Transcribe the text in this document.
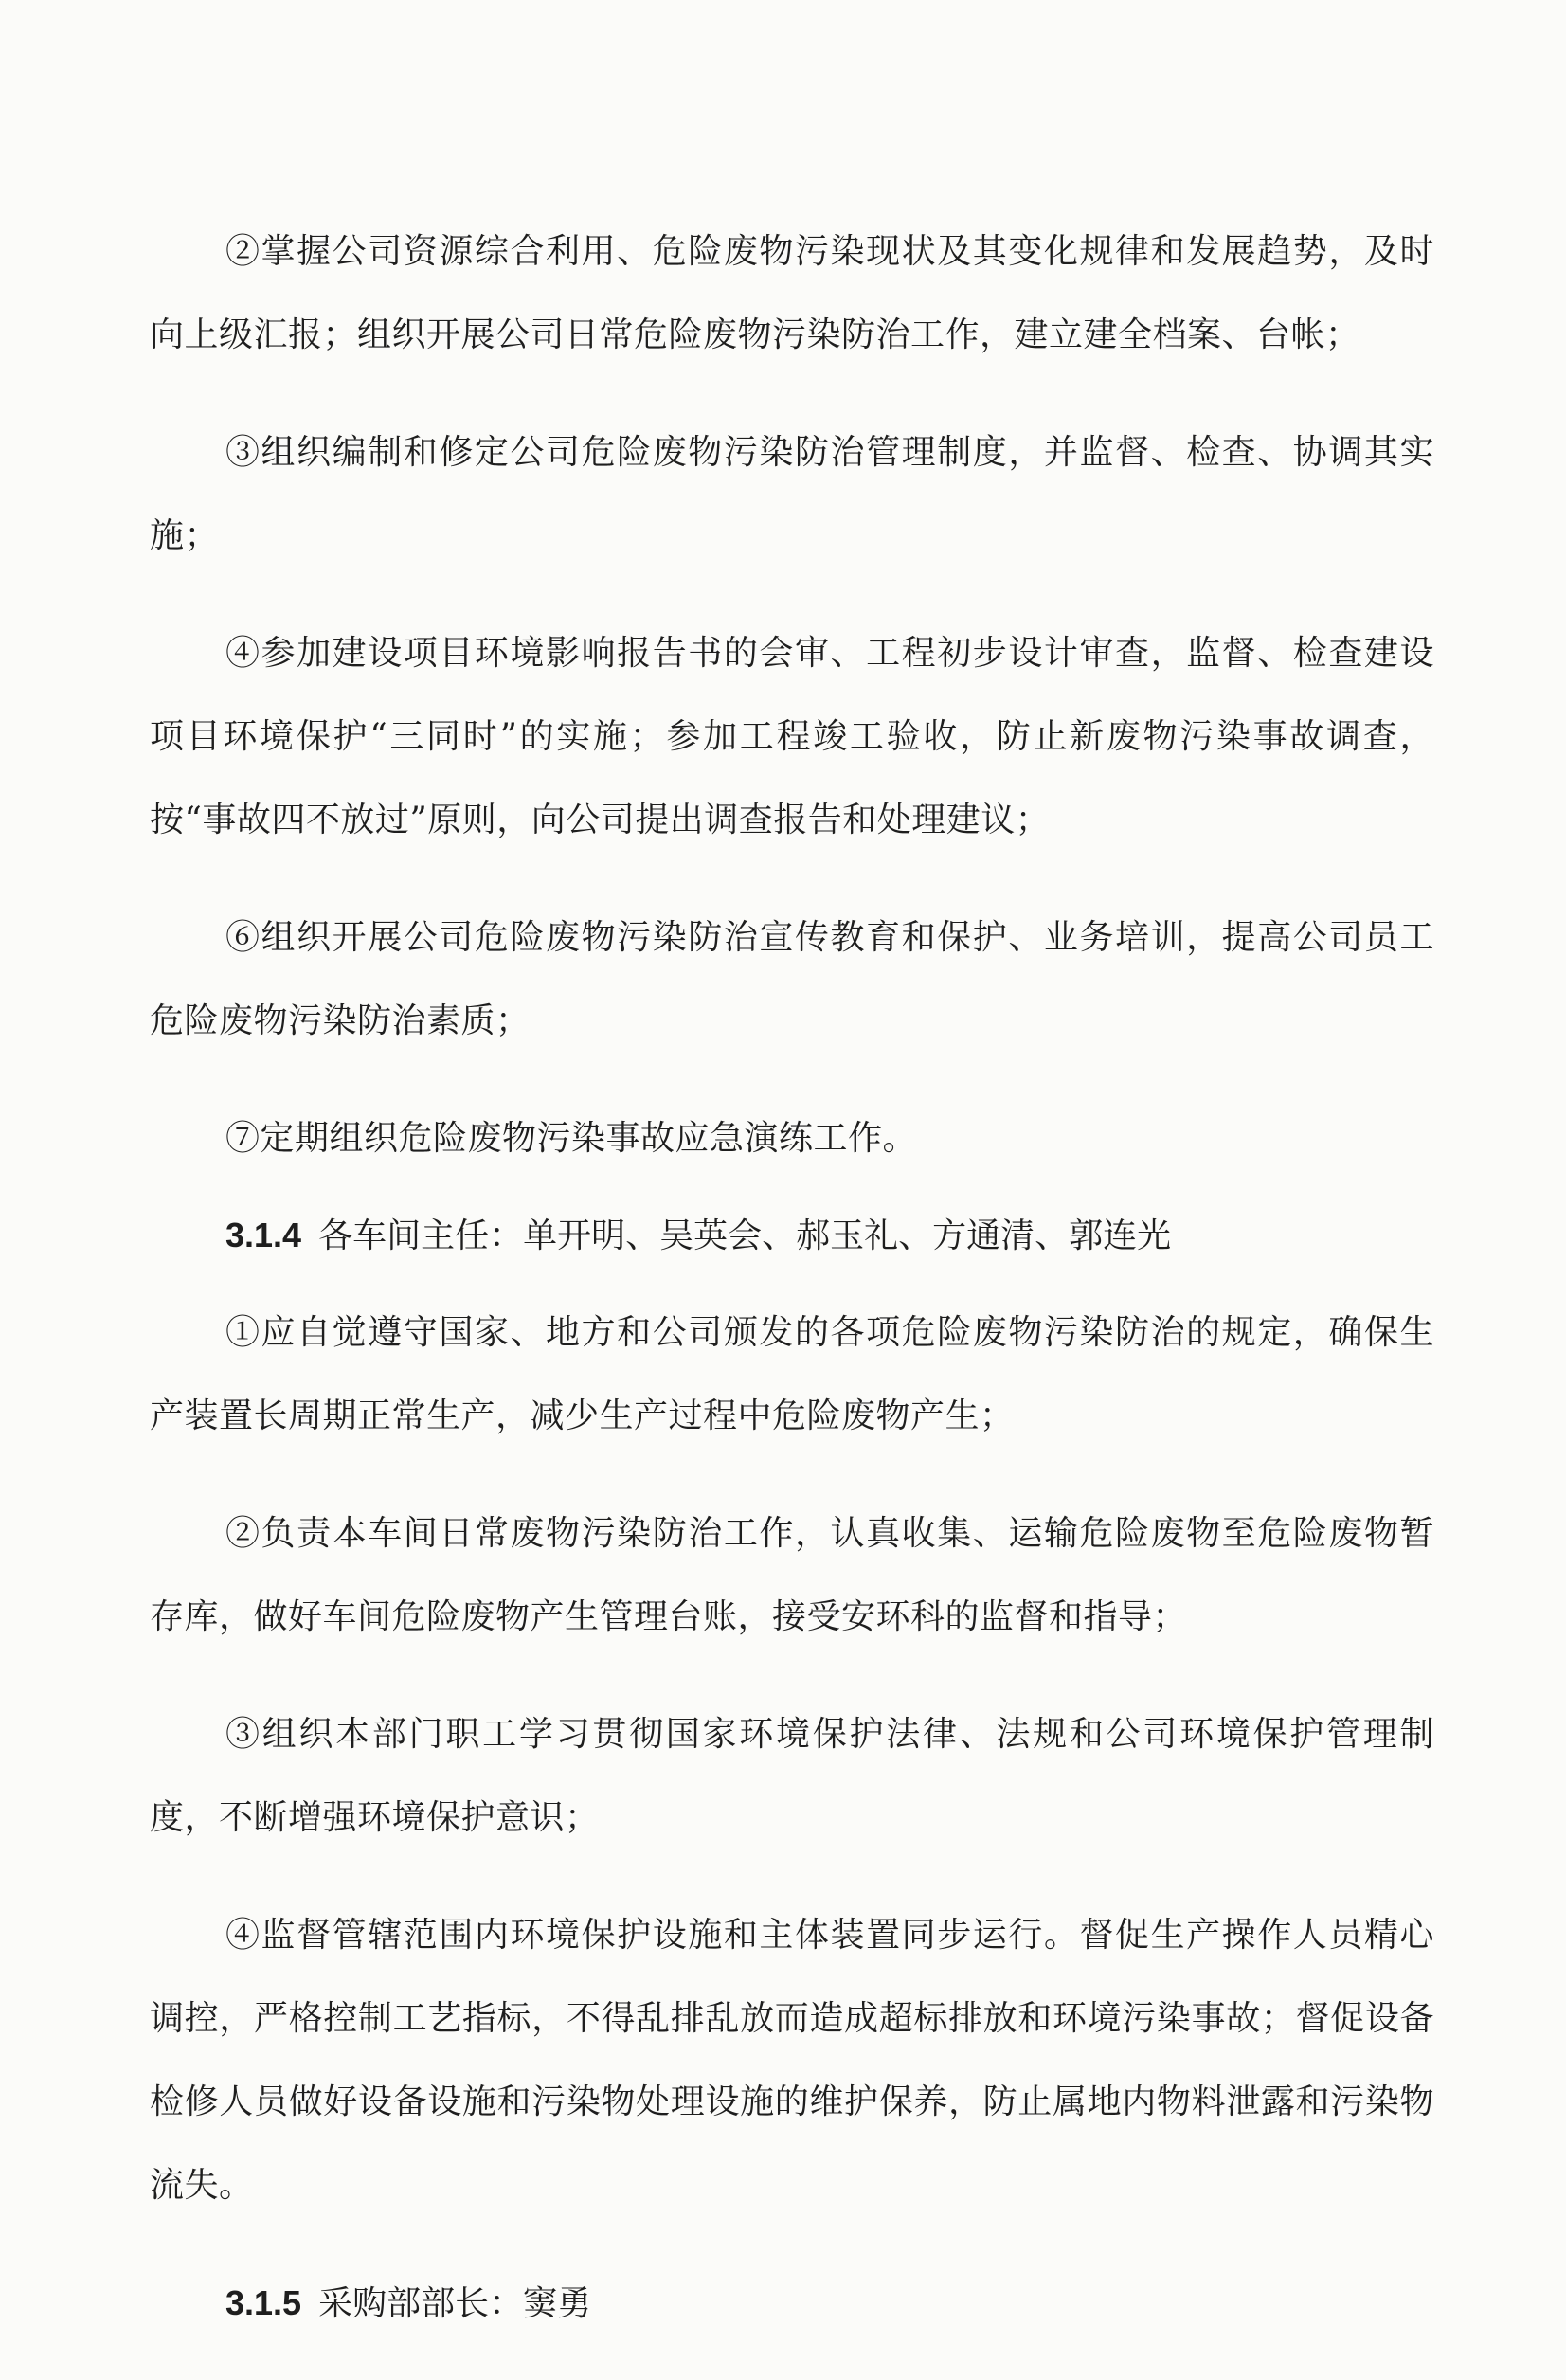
②掌握公司资源综合利用、危险废物污染现状及其变化规律和发展趋势，及时向上级汇报；组织开展公司日常危险废物污染防治工作，建立建全档案、台帐；

③组织编制和修定公司危险废物污染防治管理制度，并监督、检查、协调其实施；

④参加建设项目环境影响报告书的会审、工程初步设计审查，监督、检查建设项目环境保护“三同时”的实施；参加工程竣工验收，防止新废物污染事故调查，按“事故四不放过”原则，向公司提出调查报告和处理建议；

⑥组织开展公司危险废物污染防治宣传教育和保护、业务培训，提高公司员工危险废物污染防治素质；

⑦定期组织危险废物污染事故应急演练工作。

3.1.4 各车间主任：单开明、吴英会、郝玉礼、方通清、郭连光

①应自觉遵守国家、地方和公司颁发的各项危险废物污染防治的规定，确保生产装置长周期正常生产，减少生产过程中危险废物产生；

②负责本车间日常废物污染防治工作，认真收集、运输危险废物至危险废物暂存库，做好车间危险废物产生管理台账，接受安环科的监督和指导；

③组织本部门职工学习贯彻国家环境保护法律、法规和公司环境保护管理制度，不断增强环境保护意识；

④监督管辖范围内环境保护设施和主体装置同步运行。督促生产操作人员精心调控，严格控制工艺指标，不得乱排乱放而造成超标排放和环境污染事故；督促设备检修人员做好设备设施和污染物处理设施的维护保养，防止属地内物料泄露和污染物流失。

3.1.5 采购部部长：窦勇
